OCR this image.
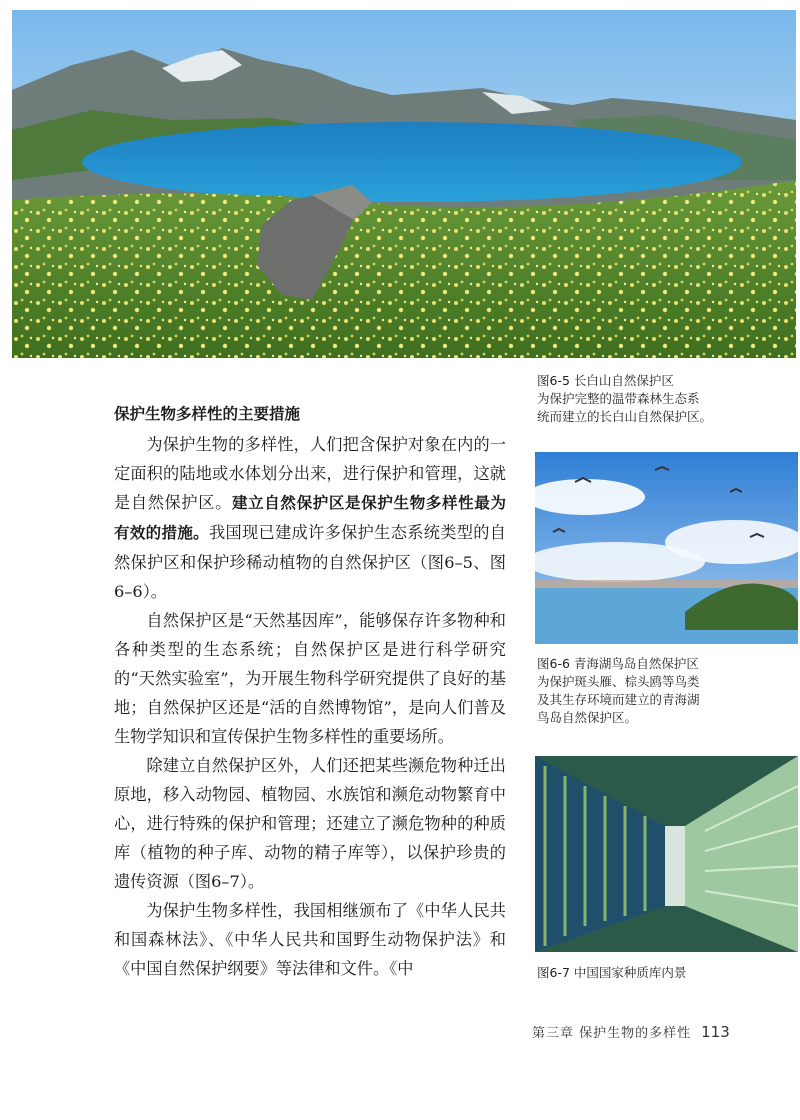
图6-5 长白山自然保护区
为保护完整的温带森林生态系
统而建立的长白山自然保护区。
图6-6 青海湖鸟岛自然保护区
为保护斑头雁、棕头鸥等鸟类
及其生存环境而建立的青海湖
鸟岛自然保护区。
图6-7 中国国家种质库内景
保护生物多样性的主要措施

为保护生物的多样性，人们把含保护对象在内的一定面积的陆地或水体划分出来，进行保护和管理，这就是自然保护区。建立自然保护区是保护生物多样性最为有效的措施。我国现已建成许多保护生态系统类型的自然保护区和保护珍稀动植物的自然保护区（图6–5、图6–6）。

自然保护区是“天然基因库”，能够保存许多物种和各种类型的生态系统；自然保护区是进行科学研究的“天然实验室”，为开展生物科学研究提供了良好的基地；自然保护区还是“活的自然博物馆”，是向人们普及生物学知识和宣传保护生物多样性的重要场所。

除建立自然保护区外，人们还把某些濒危物种迁出原地，移入动物园、植物园、水族馆和濒危动物繁育中心，进行特殊的保护和管理；还建立了濒危物种的种质库（植物的种子库、动物的精子库等），以保护珍贵的遗传资源（图6–7）。

为保护生物多样性，我国相继颁布了《中华人民共和国森林法》、《中华人民共和国野生动物保护法》和《中国自然保护纲要》等法律和文件。《中

第三章 保护生物的多样性 113
